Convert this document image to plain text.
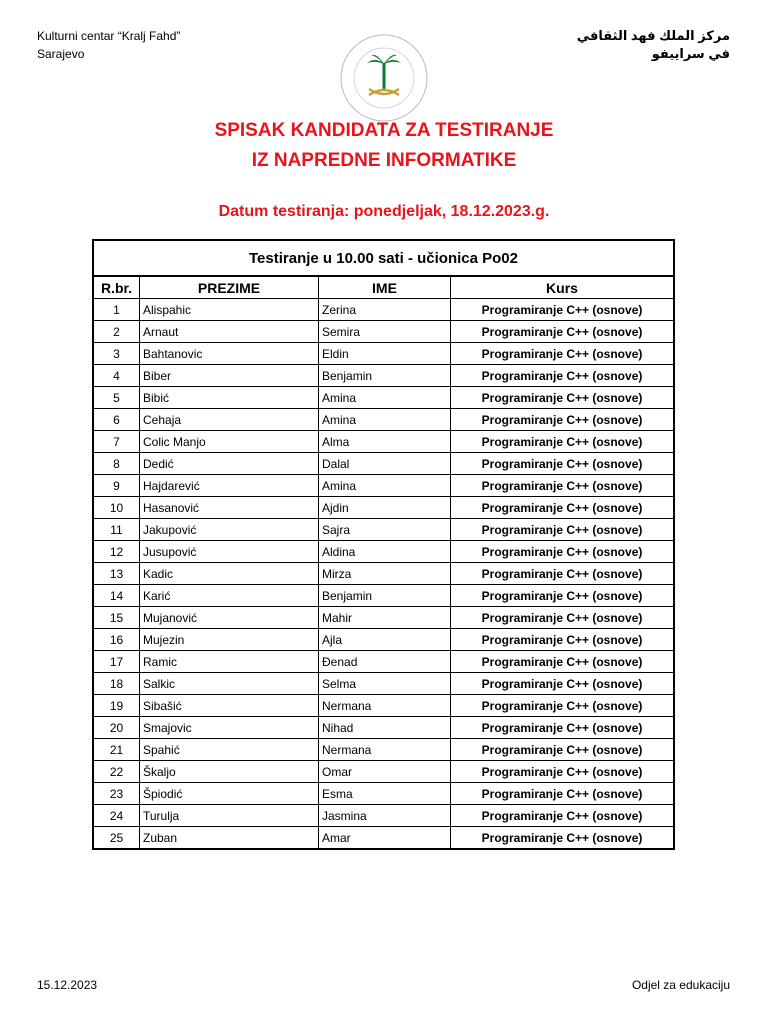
Kulturni centar “Kralj Fahd”
Sarajevo
مركز الملك فهد الثقافي
في سراييفو
SPISAK KANDIDATA ZA TESTIRANJE
IZ NAPREDNE INFORMATIKE
Datum testiranja: ponedjeljak, 18.12.2023.g.
Testiranje u 10.00 sati - učionica Po02			
R.br.	PREZIME	IME	Kurs
1	Alispahic	Zerina	Programiranje C++ (osnove)
2	Arnaut	Semira	Programiranje C++ (osnove)
3	Bahtanovic	Eldin	Programiranje C++ (osnove)
4	Biber	Benjamin	Programiranje C++ (osnove)
5	Bibić	Amina	Programiranje C++ (osnove)
6	Cehaja	Amina	Programiranje C++ (osnove)
7	Colic Manjo	Alma	Programiranje C++ (osnove)
8	Dedić	Dalal	Programiranje C++ (osnove)
9	Hajdarević	Amina	Programiranje C++ (osnove)
10	Hasanović	Ajdin	Programiranje C++ (osnove)
11	Jakupović	Sajra	Programiranje C++ (osnove)
12	Jusupović	Aldina	Programiranje C++ (osnove)
13	Kadic	Mirza	Programiranje C++ (osnove)
14	Karić	Benjamin	Programiranje C++ (osnove)
15	Mujanović	Mahir	Programiranje C++ (osnove)
16	Mujezin	Ajla	Programiranje C++ (osnove)
17	Ramic	Đenad	Programiranje C++ (osnove)
18	Salkic	Selma	Programiranje C++ (osnove)
19	Sibašić	Nermana	Programiranje C++ (osnove)
20	Smajovic	Nihad	Programiranje C++ (osnove)
21	Spahić	Nermana	Programiranje C++ (osnove)
22	Škaljo	Omar	Programiranje C++ (osnove)
23	Špiodić	Esma	Programiranje C++ (osnove)
24	Turulja	Jasmina	Programiranje C++ (osnove)
25	Zuban	Amar	Programiranje C++ (osnove)
15.12.2023	Odjel za edukaciju
